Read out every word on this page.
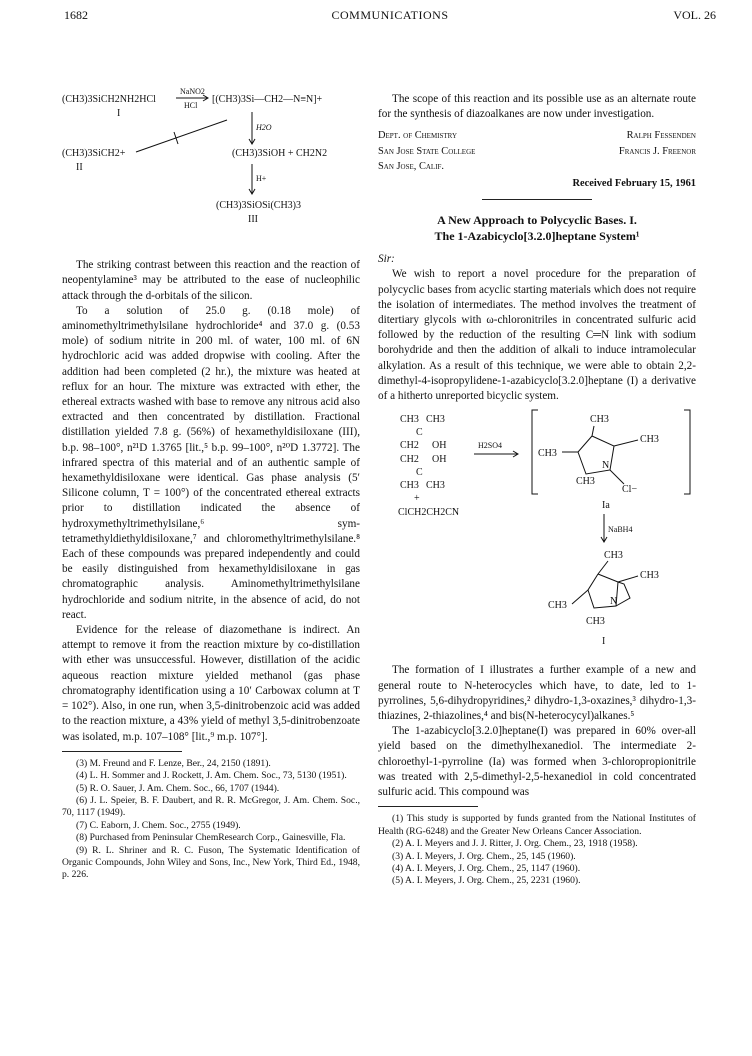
1682	COMMUNICATIONS	VOL. 26
(CH3)3SiCH2NH2HCl
I
NaNO2
HCl
[(CH3)3Si—CH2—N≡N]+
H2O
(CH3)3SiCH2+
II
(CH3)3SiOH + CH2N2
H+
(CH3)3SiOSi(CH3)3
III

The striking contrast between this reaction and the reaction of neopentylamine³ may be attributed to the ease of nucleophilic attack through the d-orbitals of the silicon.

To a solution of 25.0 g. (0.18 mole) of aminomethyltrimethylsilane hydrochloride⁴ and 37.0 g. (0.53 mole) of sodium nitrite in 200 ml. of water, 100 ml. of 6N hydrochloric acid was added dropwise with cooling. After the addition had been completed (2 hr.), the mixture was heated at reflux for an hour. The mixture was extracted with ether, the ethereal extracts washed with base to remove any nitrous acid also extracted and then concentrated by distillation. Fractional distillation yielded 7.8 g. (56%) of hexamethyldisiloxane (III), b.p. 98–100°, n²¹D 1.3765 [lit.,⁵ b.p. 99–100°, n²⁰D 1.3772]. The infrared spectra of this material and of an authentic sample of hexamethyldisiloxane were identical. Gas phase analysis (5′ Silicone column, T = 100°) of the concentrated ethereal extracts prior to distillation indicated the absence of hydroxymethyltrimethylsilane,⁶ sym-tetramethyldiethyldisiloxane,⁷ and chloromethyltrimethylsilane.⁸ Each of these compounds was prepared independently and could be easily distinguished from hexamethyldisiloxane in gas chromatographic analysis. Aminomethyltrimethylsilane hydrochloride and sodium nitrite, in the absence of acid, do not react.

Evidence for the release of diazomethane is indirect. An attempt to remove it from the reaction mixture by co-distillation with ether was unsuccessful. However, distillation of the acidic aqueous reaction mixture yielded methanol (gas phase chromatography identification using a 10′ Carbowax column at T = 102°). Also, in one run, when 3,5-dinitrobenzoic acid was added to the reaction mixture, a 43% yield of methyl 3,5-dinitrobenzoate was isolated, m.p. 107–108° [lit.,⁹ m.p. 107°].

(3) M. Freund and F. Lenze, Ber., 24, 2150 (1891).

(4) L. H. Sommer and J. Rockett, J. Am. Chem. Soc., 73, 5130 (1951).

(5) R. O. Sauer, J. Am. Chem. Soc., 66, 1707 (1944).

(6) J. L. Speier, B. F. Daubert, and R. R. McGregor, J. Am. Chem. Soc., 70, 1117 (1949).

(7) C. Eaborn, J. Chem. Soc., 2755 (1949).

(8) Purchased from Peninsular ChemResearch Corp., Gainesville, Fla.

(9) R. L. Shriner and R. C. Fuson, The Systematic Identification of Organic Compounds, John Wiley and Sons, Inc., New York, Third Ed., 1948, p. 226.

The scope of this reaction and its possible use as an alternate route for the synthesis of diazoalkanes are now under investigation.

Dept. of Chemistry	Ralph Fessenden
San Jose State College	Francis J. Freenor
San Jose, Calif.
Received February 15, 1961
A New Approach to Polycyclic Bases. I.
The 1-Azabicyclo[3.2.0]heptane System¹
Sir:

We wish to report a novel procedure for the preparation of polycyclic bases from acyclic starting materials which does not require the isolation of intermediates. The method involves the treatment of ditertiary glycols with ω-chloronitriles in concentrated sulfuric acid followed by the reduction of the resulting C═N link with sodium borohydride and then the addition of alkali to induce intramolecular alkylation. As a result of this technique, we were able to obtain 2,2-dimethyl-4-isopropylidene-1-azabicyclo[3.2.0]heptane (I) a derivative of a hitherto unreported bicyclic system.

CH3 CH3
C
CH2 OH
CH2 OH
C
CH3 CH3
+
ClCH2CH2CN
H2SO4
CH3
CH3
CH3
CH3
N
Cl−
Ia
NaBH4
CH3
CH3
CH3
CH3
N
I

The formation of I illustrates a further example of a new and general route to N-heterocycles which have, to date, led to 1-pyrrolines, 5,6-dihydropyridines,² dihydro-1,3-oxazines,³ dihydro-1,3-thiazines, 2-thiazolines,⁴ and bis(N-heterocycyl)alkanes.⁵

The 1-azabicyclo[3.2.0]heptane(I) was prepared in 60% over-all yield based on the dimethylhexanediol. The intermediate 2-chloroethyl-1-pyrroline (Ia) was formed when 3-chloropropionitrile was treated with 2,5-dimethyl-2,5-hexanediol in cold concentrated sulfuric acid. This compound was

(1) This study is supported by funds granted from the National Institutes of Health (RG-6248) and the Greater New Orleans Cancer Association.

(2) A. I. Meyers and J. J. Ritter, J. Org. Chem., 23, 1918 (1958).

(3) A. I. Meyers, J. Org. Chem., 25, 145 (1960).

(4) A. I. Meyers, J. Org. Chem., 25, 1147 (1960).

(5) A. I. Meyers, J. Org. Chem., 25, 2231 (1960).
